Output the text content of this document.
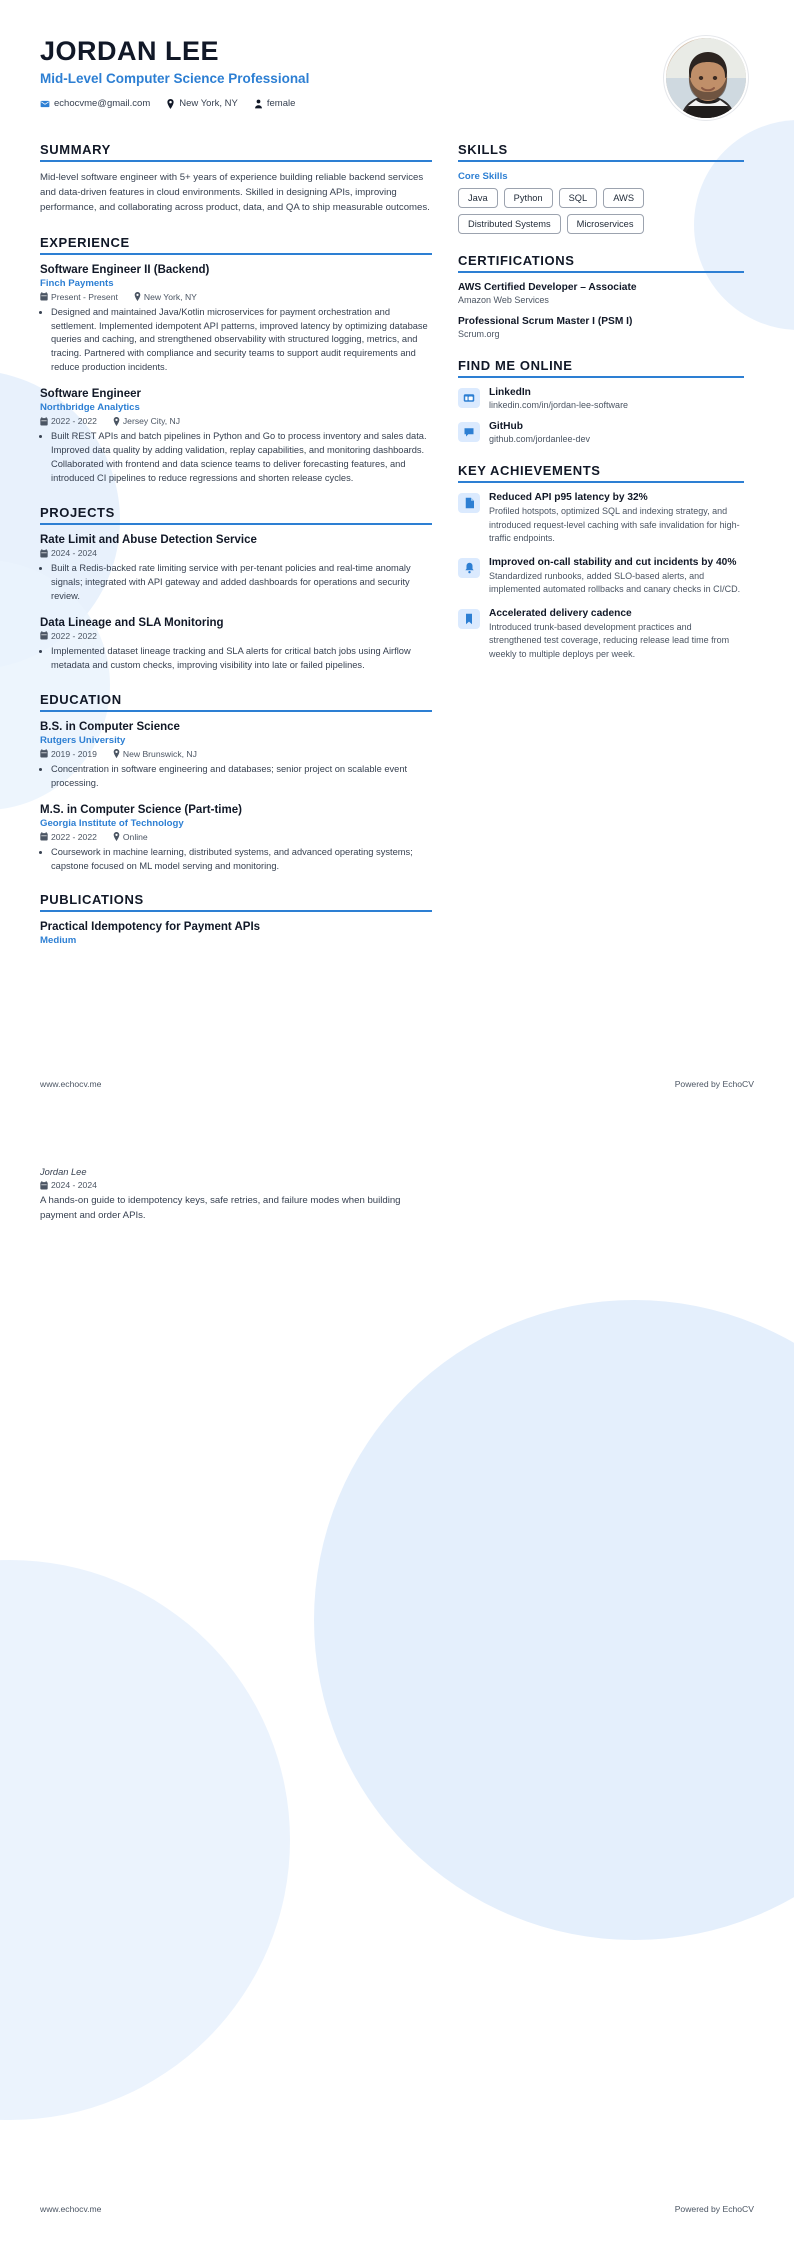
JORDAN LEE
Mid-Level Computer Science Professional
echocvme@gmail.com	New York, NY	female
SUMMARY
Mid-level software engineer with 5+ years of experience building reliable backend services and data-driven features in cloud environments. Skilled in designing APIs, improving performance, and collaborating across product, data, and QA to ship measurable outcomes.
EXPERIENCE
Software Engineer II (Backend)
Finch Payments
Present - Present	New York, NY
• Designed and maintained Java/Kotlin microservices for payment orchestration and settlement. Implemented idempotent API patterns, improved latency by optimizing database queries and caching, and strengthened observability with structured logging, metrics, and tracing. Partnered with compliance and security teams to support audit requirements and reduce production incidents.
Software Engineer
Northbridge Analytics
2022 - 2022	Jersey City, NJ
• Built REST APIs and batch pipelines in Python and Go to process inventory and sales data. Improved data quality by adding validation, replay capabilities, and monitoring dashboards. Collaborated with frontend and data science teams to deliver forecasting features, and introduced CI pipelines to reduce regressions and shorten release cycles.
PROJECTS
Rate Limit and Abuse Detection Service
2024 - 2024
• Built a Redis-backed rate limiting service with per-tenant policies and real-time anomaly signals; integrated with API gateway and added dashboards for operations and security review.
Data Lineage and SLA Monitoring
2022 - 2022
• Implemented dataset lineage tracking and SLA alerts for critical batch jobs using Airflow metadata and custom checks, improving visibility into late or failed pipelines.
EDUCATION
B.S. in Computer Science
Rutgers University
2019 - 2019	New Brunswick, NJ
• Concentration in software engineering and databases; senior project on scalable event processing.
M.S. in Computer Science (Part-time)
Georgia Institute of Technology
2022 - 2022	Online
• Coursework in machine learning, distributed systems, and advanced operating systems; capstone focused on ML model serving and monitoring.
PUBLICATIONS
Practical Idempotency for Payment APIs
Medium
SKILLS
Core Skills
Java	Python	SQL	AWS
Distributed Systems	Microservices
CERTIFICATIONS
AWS Certified Developer – Associate
Amazon Web Services
Professional Scrum Master I (PSM I)
Scrum.org
FIND ME ONLINE
LinkedIn
linkedin.com/in/jordan-lee-software
GitHub
github.com/jordanlee-dev
KEY ACHIEVEMENTS
Reduced API p95 latency by 32%
Profiled hotspots, optimized SQL and indexing strategy, and introduced request-level caching with safe invalidation for high-traffic endpoints.
Improved on-call stability and cut incidents by 40%
Standardized runbooks, added SLO-based alerts, and implemented automated rollbacks and canary checks in CI/CD.
Accelerated delivery cadence
Introduced trunk-based development practices and strengthened test coverage, reducing release lead time from weekly to multiple deploys per week.
Jordan Lee
2024 - 2024
A hands-on guide to idempotency keys, safe retries, and failure modes when building payment and order APIs.
www.echocv.me	Powered by EchoCV
www.echocv.me	Powered by EchoCV
